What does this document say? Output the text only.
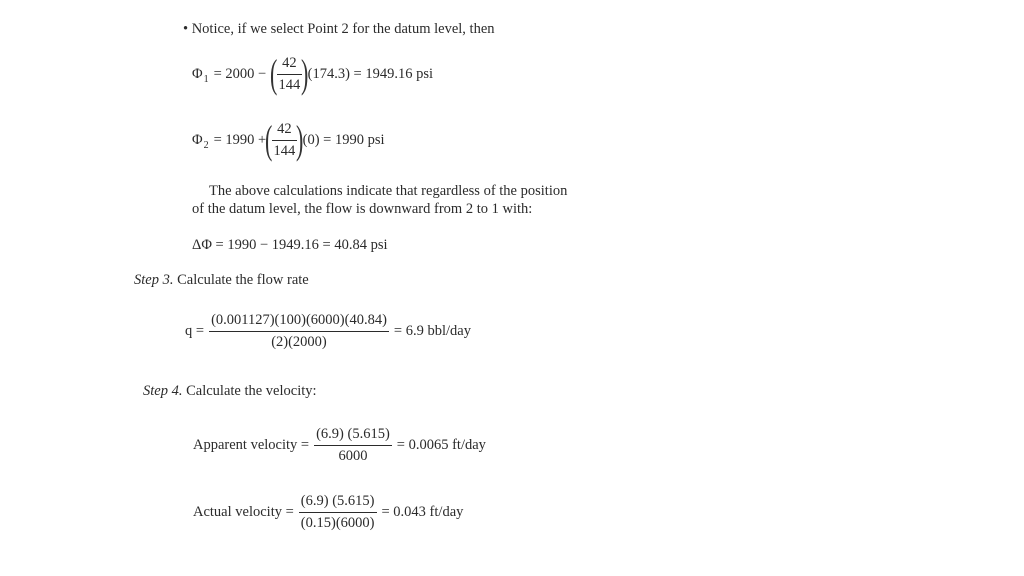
• Notice, if we select Point 2 for the datum level, then
Φ 1 = 2000 − (
$\frac{42}{144}$
)
(174.3) = 1949.16 psi
Φ 2 = 1990 +
(
$\frac{42}{144}$
)
(0) = 1990 psi
The above calculations indicate that regardless of the position
of the datum level, the flow is downward from 2 to 1 with:
ΔΦ = 1990 − 1949.16 = 40.84 psi
Step 3. Calculate the flow rate
$q = \frac{(0.001127)(100)(6000)(40.84)}{(2)(2000)} = 6.9$ bbl/day
Step 4. Calculate the velocity:
Apparent velocity = $\frac{(6.9) (5.615)}{6000} = 0.0065$ ft/day
Actual velocity = $\frac{(6.9) (5.615)}{(0.15)(6000)} = 0.043$ ft/day
